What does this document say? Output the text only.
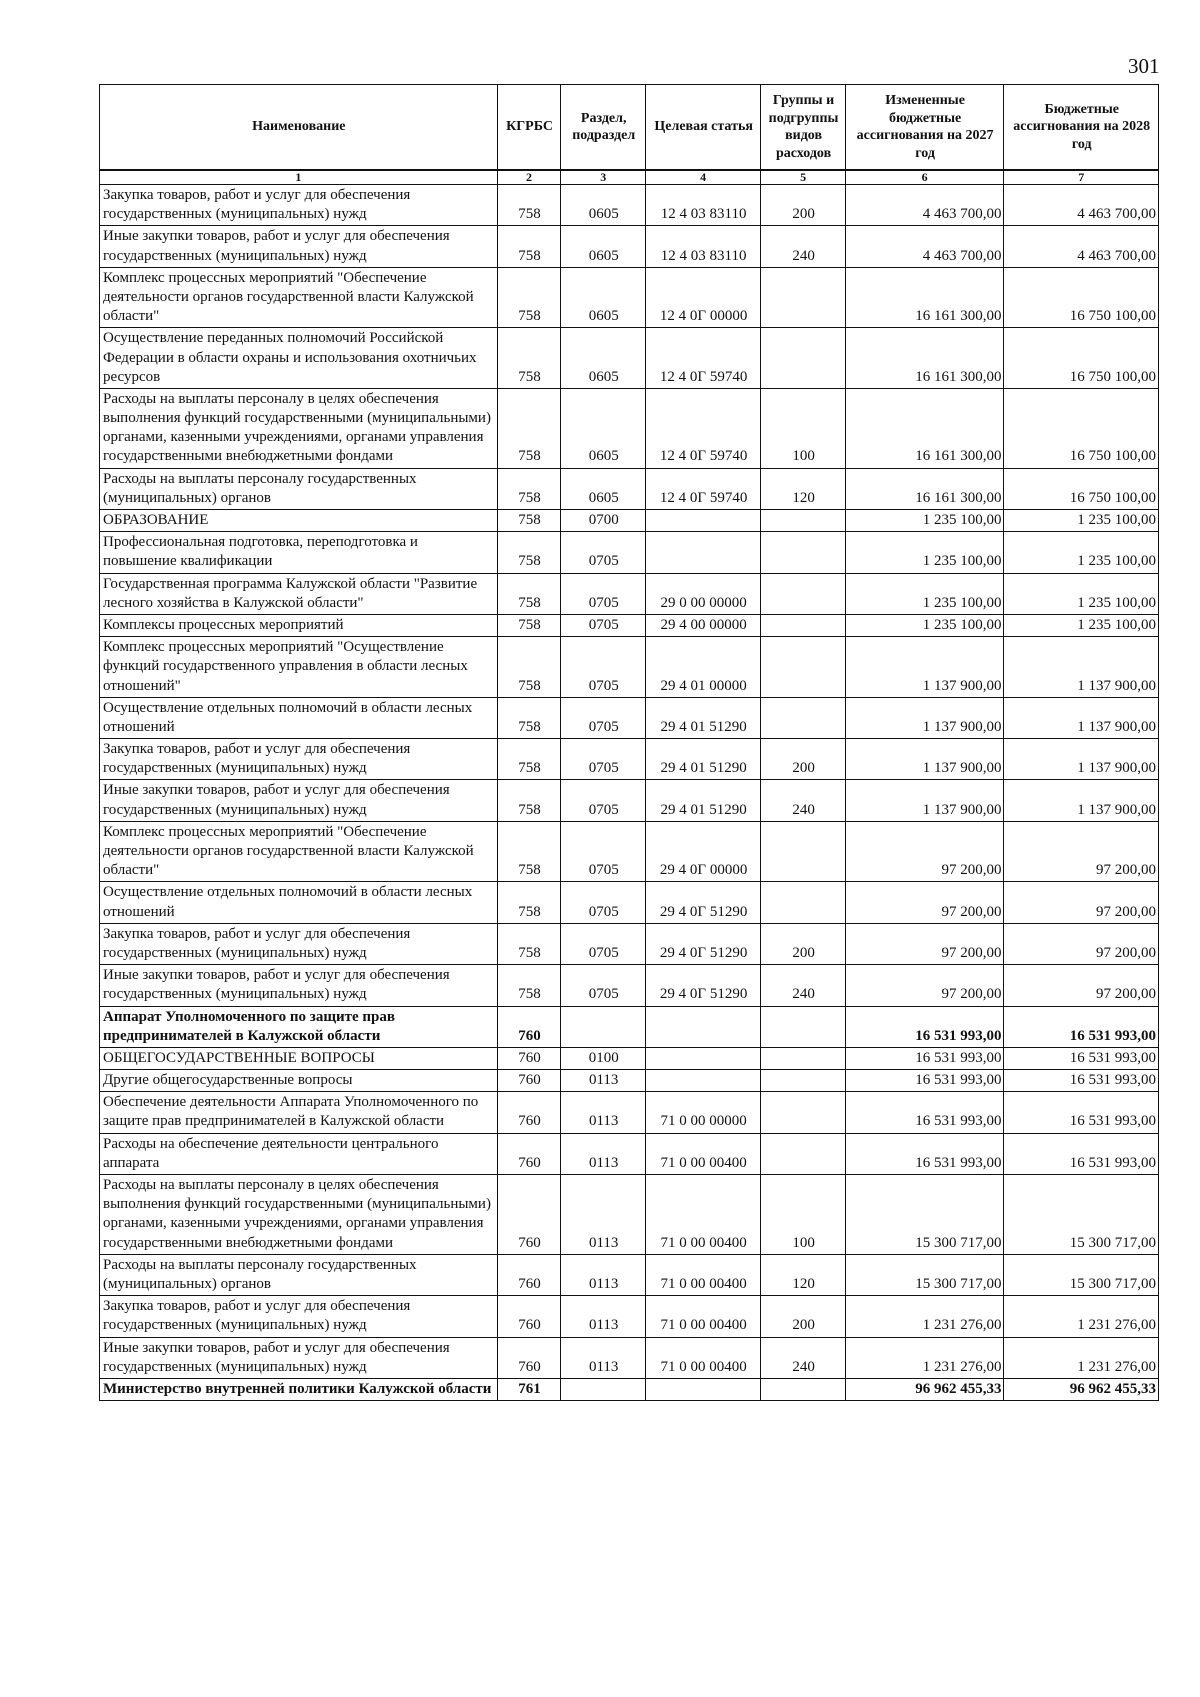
301
Наименование	КГРБС	Раздел, подраздел	Целевая статья	Группы и подгруппы видов расходов	Измененные бюджетные ассигнования на 2027 год	Бюджетные ассигнования на 2028 год
1	2	3	4	5	6	7
Закупка товаров, работ и услуг для обеспечения государственных (муниципальных) нужд	758	0605	12 4 03 83110	200	4 463 700,00	4 463 700,00
Иные закупки товаров, работ и услуг для обеспечения государственных (муниципальных) нужд	758	0605	12 4 03 83110	240	4 463 700,00	4 463 700,00
Комплекс процессных мероприятий "Обеспечение деятельности органов государственной власти Калужской области"	758	0605	12 4 0Г 00000		16 161 300,00	16 750 100,00
Осуществление переданных полномочий Российской Федерации в области охраны и использования охотничьих ресурсов	758	0605	12 4 0Г 59740		16 161 300,00	16 750 100,00
Расходы на выплаты персоналу в целях обеспечения выполнения функций государственными (муниципальными) органами, казенными учреждениями, органами управления государственными внебюджетными фондами	758	0605	12 4 0Г 59740	100	16 161 300,00	16 750 100,00
Расходы на выплаты персоналу государственных (муниципальных) органов	758	0605	12 4 0Г 59740	120	16 161 300,00	16 750 100,00
ОБРАЗОВАНИЕ	758	0700			1 235 100,00	1 235 100,00
Профессиональная подготовка, переподготовка и повышение квалификации	758	0705			1 235 100,00	1 235 100,00
Государственная программа Калужской области "Развитие лесного хозяйства в Калужской области"	758	0705	29 0 00 00000		1 235 100,00	1 235 100,00
Комплексы процессных мероприятий	758	0705	29 4 00 00000		1 235 100,00	1 235 100,00
Комплекс процессных мероприятий "Осуществление функций государственного управления в области лесных отношений"	758	0705	29 4 01 00000		1 137 900,00	1 137 900,00
Осуществление отдельных полномочий в области лесных отношений	758	0705	29 4 01 51290		1 137 900,00	1 137 900,00
Закупка товаров, работ и услуг для обеспечения государственных (муниципальных) нужд	758	0705	29 4 01 51290	200	1 137 900,00	1 137 900,00
Иные закупки товаров, работ и услуг для обеспечения государственных (муниципальных) нужд	758	0705	29 4 01 51290	240	1 137 900,00	1 137 900,00
Комплекс процессных мероприятий "Обеспечение деятельности органов государственной власти Калужской области"	758	0705	29 4 0Г 00000		97 200,00	97 200,00
Осуществление отдельных полномочий в области лесных отношений	758	0705	29 4 0Г 51290		97 200,00	97 200,00
Закупка товаров, работ и услуг для обеспечения государственных (муниципальных) нужд	758	0705	29 4 0Г 51290	200	97 200,00	97 200,00
Иные закупки товаров, работ и услуг для обеспечения государственных (муниципальных) нужд	758	0705	29 4 0Г 51290	240	97 200,00	97 200,00
Аппарат Уполномоченного по защите прав предпринимателей в Калужской области	760				16 531 993,00	16 531 993,00
ОБЩЕГОСУДАРСТВЕННЫЕ ВОПРОСЫ	760	0100			16 531 993,00	16 531 993,00
Другие общегосударственные вопросы	760	0113			16 531 993,00	16 531 993,00
Обеспечение деятельности Аппарата Уполномоченного по защите прав предпринимателей в Калужской области	760	0113	71 0 00 00000		16 531 993,00	16 531 993,00
Расходы на обеспечение деятельности центрального аппарата	760	0113	71 0 00 00400		16 531 993,00	16 531 993,00
Расходы на выплаты персоналу в целях обеспечения выполнения функций государственными (муниципальными) органами, казенными учреждениями, органами управления государственными внебюджетными фондами	760	0113	71 0 00 00400	100	15 300 717,00	15 300 717,00
Расходы на выплаты персоналу государственных (муниципальных) органов	760	0113	71 0 00 00400	120	15 300 717,00	15 300 717,00
Закупка товаров, работ и услуг для обеспечения государственных (муниципальных) нужд	760	0113	71 0 00 00400	200	1 231 276,00	1 231 276,00
Иные закупки товаров, работ и услуг для обеспечения государственных (муниципальных) нужд	760	0113	71 0 00 00400	240	1 231 276,00	1 231 276,00
Министерство внутренней политики Калужской области	761				96 962 455,33	96 962 455,33
